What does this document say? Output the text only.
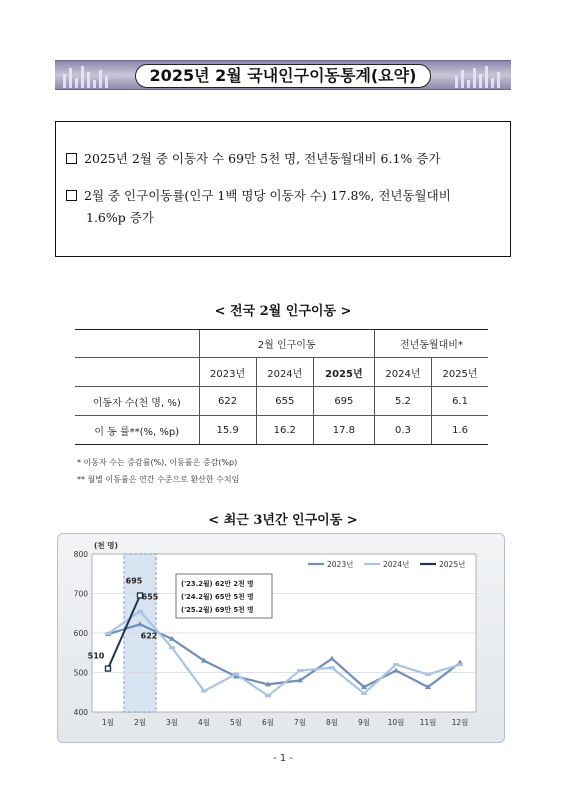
2025년 2월 국내인구이동통계(요약)
2025년 2월 중 이동자 수 69만 5천 명, 전년동월대비 6.1% 증가
2월 중 인구이동률(인구 1백 명당 이동자 수) 17.8%, 전년동월대비
1.6%p 증가
< 전국 2월 인구이동 >
	2월 인구이동			전년동월대비*	
	2023년	2024년	2025년	2024년	2025년
이동자 수(천 명, %)	622	655	695	5.2	6.1
이 동 률**(%, %p)	15.9	16.2	17.8	0.3	1.6
* 이동자 수는 증감률(%), 이동률은 증감(%p)
** 월별 이동률은 연간 수준으로 환산한 수치임
< 최근 3년간 인구이동 >
800
700
600
500
400
(천 명)
1월	2월	3월	4월	5월	6월	7월	8월	9월 10월 11월 12월
510
695
655
622
('23.2월) 62만 2천 명
('24.2월) 65만 5천 명
('25.2월) 69만 5천 명
2023년	2024년	2025년
- 1 -
